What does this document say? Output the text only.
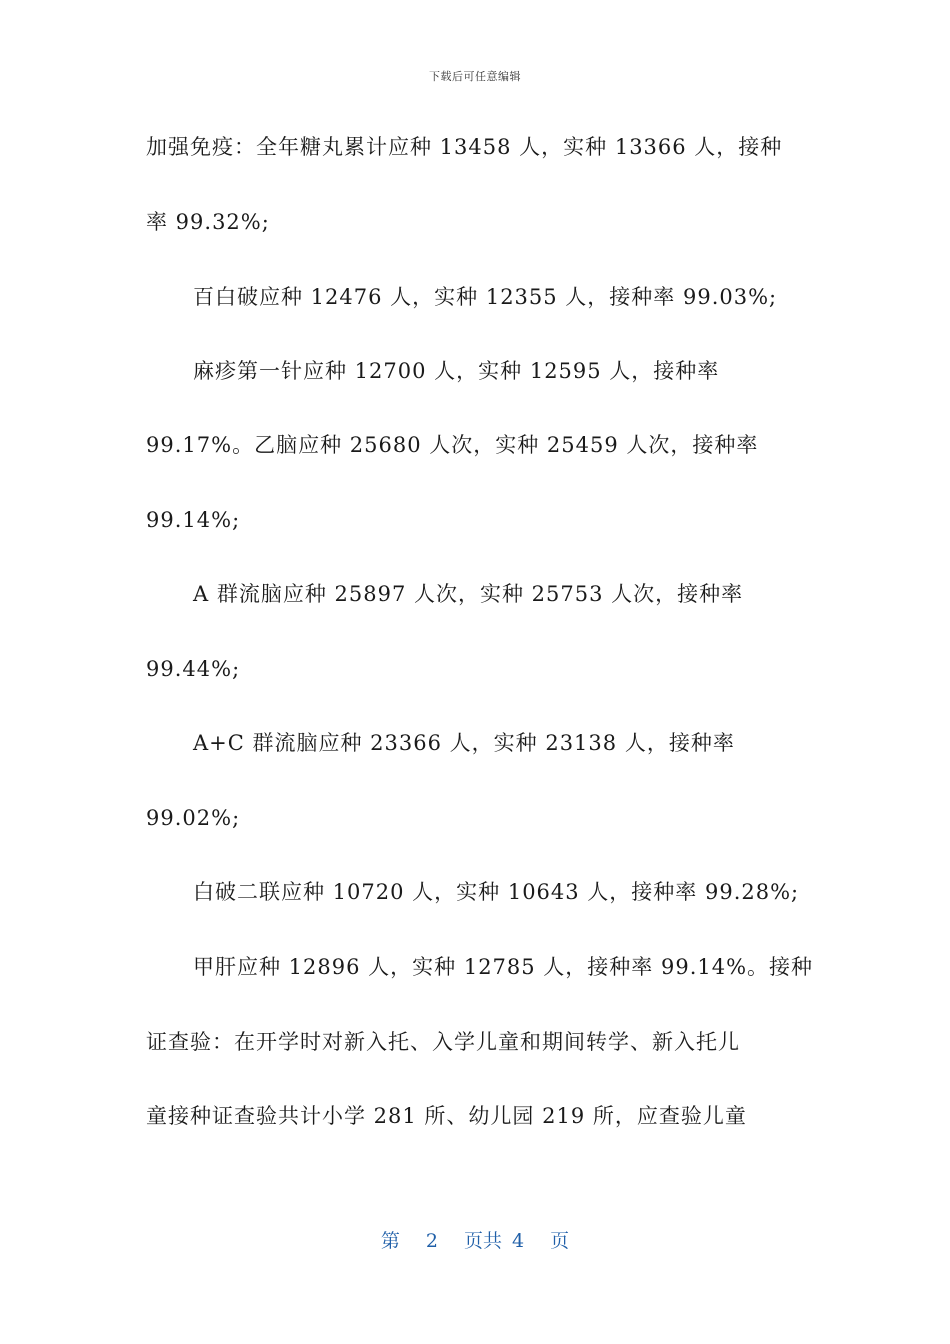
下载后可任意编辑
加强免疫：全年糖丸累计应种 13458 人，实种 13366 人，接种
率 99.32%;
百白破应种 12476 人，实种 12355 人，接种率 99.03%;
麻疹第一针应种 12700 人，实种 12595 人，接种率
99.17%。乙脑应种 25680 人次，实种 25459 人次，接种率
99.14%;
A 群流脑应种 25897 人次，实种 25753 人次，接种率
99.44%;
A+C 群流脑应种 23366 人，实种 23138 人，接种率
99.02%;
白破二联应种 10720 人，实种 10643 人，接种率 99.28%;
甲肝应种 12896 人，实种 12785 人，接种率 99.14%。接种
证查验：在开学时对新入托、入学儿童和期间转学、新入托儿
童接种证查验共计小学 281 所、幼儿园 219 所，应查验儿童
第 2 页共 4 页
